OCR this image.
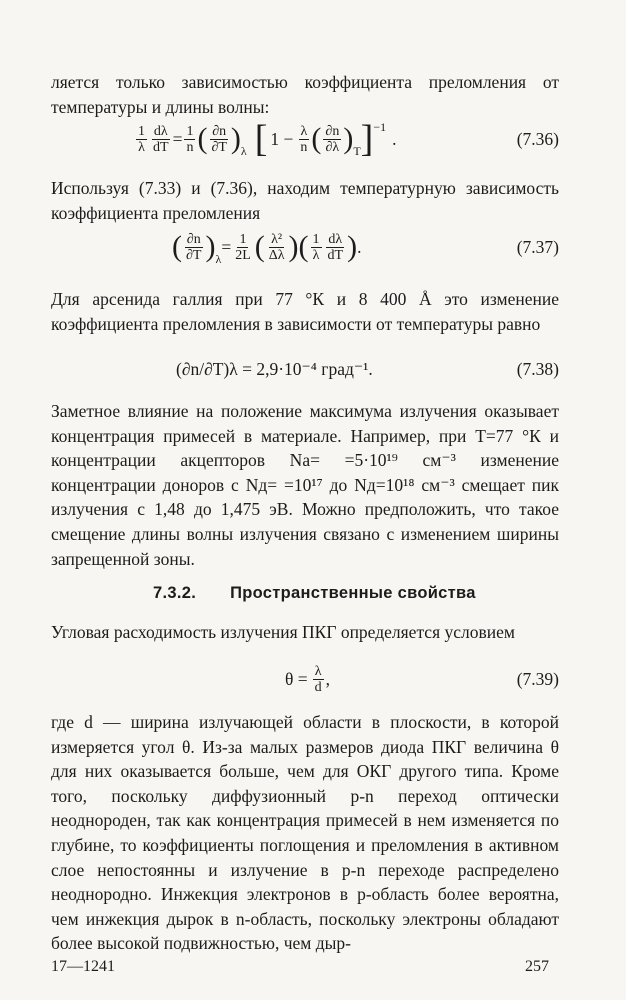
ляется только зависимостью коэффициента преломления от температуры и длины волны:

$\frac{1}{\lambda} \frac{d\lambda}{dT} = \frac{1}{n}$ ( $\frac{\partial n}{\partial T}$ ) λ [ $1 - \frac{\lambda}{n}$ ( $\frac{\partial n}{\partial\lambda}$ ) T ] −1
.	(7.36)

Используя (7.33) и (7.36), находим температурную зависимость коэффициента преломления

( $\frac{\partial n}{\partial T}$ ) λ
= $\frac{1}{2L}$ ( $\frac{\text{λ²}}{\Delta\lambda}$ ) ( $\frac{1}{\lambda} \frac{d\lambda}{dT}$ ) .	(7.37)

Для арсенида галлия при 77 °К и 8 400 Å это изменение коэффициента преломления в зависимости от температуры равно

(∂n/∂T)λ = 2,9·10⁻⁴ град⁻¹.	(7.38)

Заметное влияние на положение максимума излучения оказывает концентрация примесей в материале. Например, при T=77 °К и концентрации акцепторов Nа= =5·10¹⁹ см⁻³ изменение концентрации доноров с Nд= =10¹⁷ до Nд=10¹⁸ см⁻³ смещает пик излучения с 1,48 до 1,475 эВ. Можно предположить, что такое смещение длины волны излучения связано с изменением ширины запрещенной зоны.

7.3.2. Пространственные свойства

Угловая расходимость излучения ПКГ определяется условием

$\theta = \frac{\lambda}{d}$ ,	(7.39)

где d — ширина излучающей области в плоскости, в которой измеряется угол θ. Из-за малых размеров диода ПКГ величина θ для них оказывается больше, чем для ОКГ другого типа. Кроме того, поскольку диффузионный p-n переход оптически неоднороден, так как концентрация примесей в нем изменяется по глубине, то коэффициенты поглощения и преломления в активном слое непостоянны и излучение в p-n переходе распределено неоднородно. Инжекция электронов в p-область более вероятна, чем инжекция дырок в n-область, поскольку электроны обладают более высокой подвижностью, чем дыр-

17—1241	257
